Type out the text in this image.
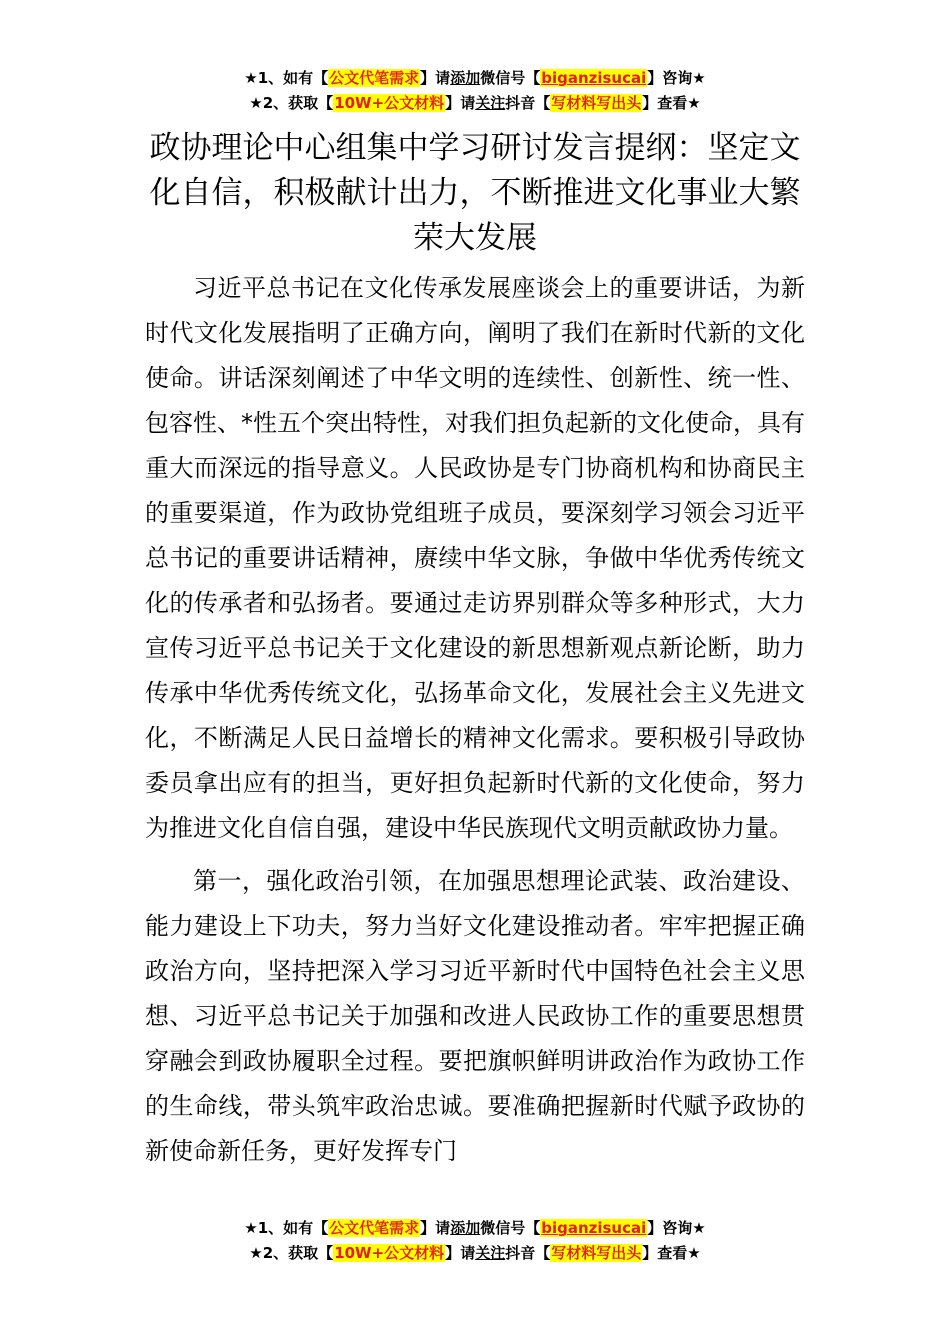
★1、如有【公文代笔需求】请添加微信号【biganzisucai】咨询★
★2、获取【10W+公文材料】请关注抖音【写材料写出头】查看★
政协理论中心组集中学习研讨发言提纲：坚定文化自信，积极献计出力，不断推进文化事业大繁荣大发展

习近平总书记在文化传承发展座谈会上的重要讲话，为新时代文化发展指明了正确方向，阐明了我们在新时代新的文化使命。讲话深刻阐述了中华文明的连续性、创新性、统一性、包容性、*性五个突出特性，对我们担负起新的文化使命，具有重大而深远的指导意义。人民政协是专门协商机构和协商民主的重要渠道，作为政协党组班子成员，要深刻学习领会习近平总书记的重要讲话精神，赓续中华文脉，争做中华优秀传统文化的传承者和弘扬者。要通过走访界别群众等多种形式，大力宣传习近平总书记关于文化建设的新思想新观点新论断，助力传承中华优秀传统文化，弘扬革命文化，发展社会主义先进文化，不断满足人民日益增长的精神文化需求。要积极引导政协委员拿出应有的担当，更好担负起新时代新的文化使命，努力为推进文化自信自强，建设中华民族现代文明贡献政协力量。

第一，强化政治引领，在加强思想理论武装、政治建设、能力建设上下功夫，努力当好文化建设推动者。牢牢把握正确政治方向，坚持把深入学习习近平新时代中国特色社会主义思想、习近平总书记关于加强和改进人民政协工作的重要思想贯穿融会到政协履职全过程。要把旗帜鲜明讲政治作为政协工作的生命线，带头筑牢政治忠诚。要准确把握新时代赋予政协的新使命新任务，更好发挥专门

★1、如有【公文代笔需求】请添加微信号【biganzisucai】咨询★
★2、获取【10W+公文材料】请关注抖音【写材料写出头】查看★
